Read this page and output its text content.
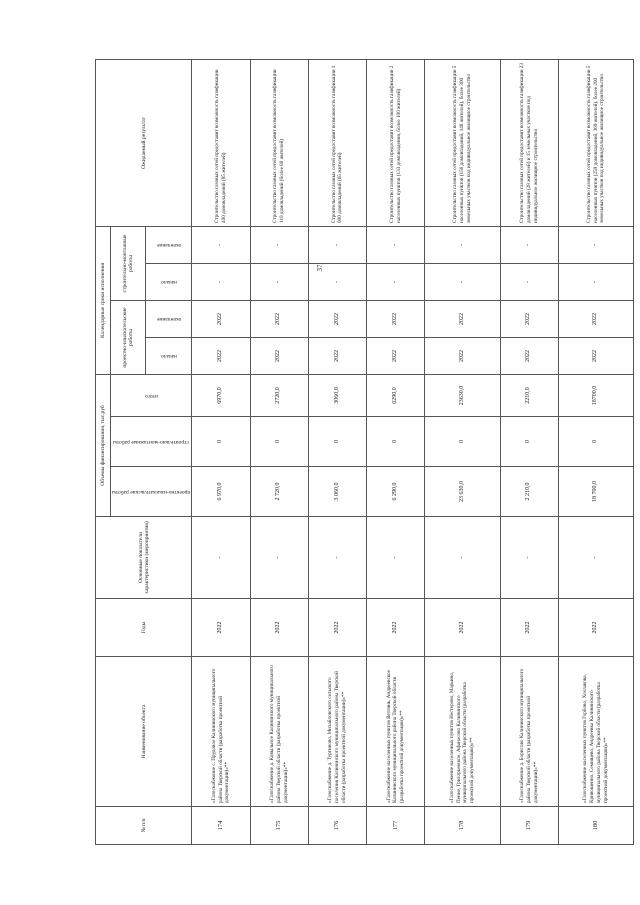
37
№ п/п	Наименование объекта	Годы	Основные показатели характеристики (мероприятия)	Объемы финансирования, тыс.руб			Календарные сроки исполнения				Ожидаемый результат

				проектно-изыскательские работы	строительно-монтажные работы	итого	проектно-изыскательские работы		строительно-монтажные работы		

							начало	окончание	начало	окончание	

174	«Газоснабжение с. Прудовое Калининского муниципального района Тверской области (разработка проектной документации)»**	2022	-	6 970,0	0	6970,0	2022	2022	-	-	Строительство газовых сетей предоставит возможность газификации 400 домовладений (85 жителей)
175	«Газоснабжение д. Ковыльное Калининского муниципального района Тверской области (разработка проектной документации)»**	2022	-	2 720,0	0	2720,0	2022	2022	-	-	Строительство газовых сетей предоставит возможность газификации 110 домовладений (более 80 жителей)
176	«Газоснабжение д. Тургиново, Михайловского сельского поселения Калининского муниципального района Тверской области (разработка проектной документации)»**	2022	-	3 060,0	0	3060,0	2022	2022	-	-	Строительство газовых сетей предоставит возможность газификации 1 000 домовладений (65 жителей)
177	«Газоснабжение населенных пунктов Ветлянь, Андреевское Калининского муниципального района Тверской области (разработка проектной документации)»**	2022	-	6 290,0	0	6290,0	2022	2022	-	-	Строительство газовых сетей предоставит возможность газификации 2 населенных пунктов (133 домовладения, более 100 жителей)
178	«Газоснабжение населенных пунктов Нестерово, Марьино, Пение, Григорьевское, Афанасово Калининского муниципального района Тверской области (разработка проектной документации)»**	2022	-	23 630,0	0	23630,0	2022	2022	-	-	Строительство газовых сетей предоставит возможность газификации 5 населенных пунктов (156 домовладений, 148 жителей), более 300 земельных участков под индивидуальное жилищное строительство
179	«Газоснабжение д. Борисово Калининского муниципального района Тверской области (разработка проектной документации)»**	2022	-	2 210,0	0	2210,0	2022	2022	-	-	Строительство газовых сетей предоставит возможность газификации 23 домовладений (28 жителей) и 15 земельных участков под индивидуальное жилищное строительство
180	«Газоснабжение населенных пунктов Горбово, Хохлакова, Кривошеино, Семишево, Андреевка Калининского муниципального района Тверской области (разработка проектной документации)»**	2022	-	18 700,0	0	18700,0	2022	2022	-	-	Строительство газовых сетей предоставит возможность газификации 5 населенных пунктов (259 домовладений, 369 жителей), более 200 земельных участков под индивидуальное жилищное строительство
